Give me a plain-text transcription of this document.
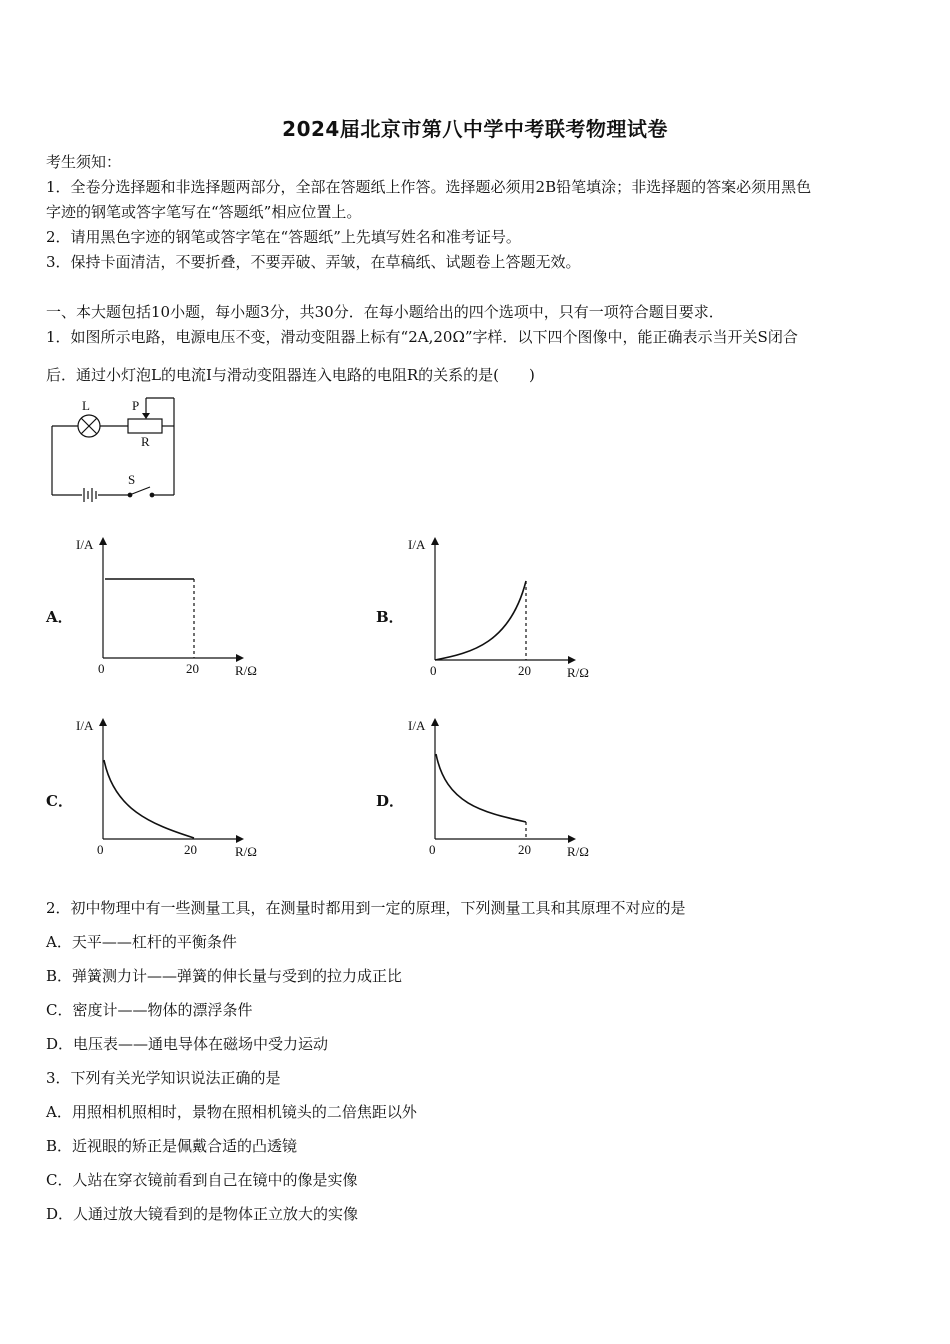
2024届北京市第八中学中考联考物理试卷
考生须知：
1．全卷分选择题和非选择题两部分，全部在答题纸上作答。选择题必须用2B铅笔填涂；非选择题的答案必须用黑色
字迹的钢笔或答字笔写在“答题纸”相应位置上。
2．请用黑色字迹的钢笔或答字笔在“答题纸”上先填写姓名和准考证号。
3．保持卡面清洁，不要折叠，不要弄破、弄皱，在草稿纸、试题卷上答题无效。
一、本大题包括10小题，每小题3分，共30分．在每小题给出的四个选项中，只有一项符合题目要求．
1．如图所示电路，电源电压不变，滑动变阻器上标有“2A,20Ω”字样．以下四个图像中，能正确表示当开关S闭合
后．通过小灯泡L的电流I与滑动变阻器连入电路的电阻R的关系的是(　　)
L	P
R
S
A．
I/A
0	20	R/Ω
B．
I/A
0	20	R/Ω
C．
I/A
0	20	R/Ω
D．
I/A
0	20	R/Ω
2．初中物理中有一些测量工具，在测量时都用到一定的原理，下列测量工具和其原理不对应的是
A．天平——杠杆的平衡条件
B．弹簧测力计——弹簧的伸长量与受到的拉力成正比
C．密度计——物体的漂浮条件
D．电压表——通电导体在磁场中受力运动
3．下列有关光学知识说法正确的是
A．用照相机照相时，景物在照相机镜头的二倍焦距以外
B．近视眼的矫正是佩戴合适的凸透镜
C．人站在穿衣镜前看到自己在镜中的像是实像
D．人通过放大镜看到的是物体正立放大的实像
